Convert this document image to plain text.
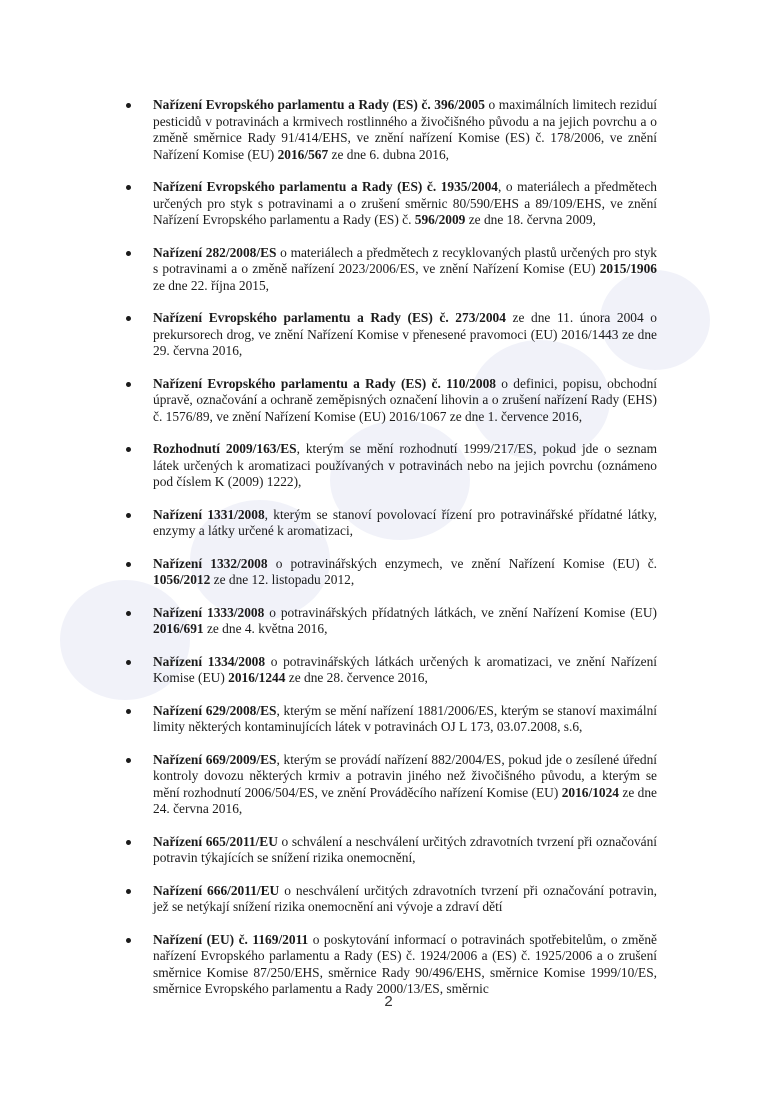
Nařízení Evropského parlamentu a Rady (ES) č. 396/2005 o maximálních limitech reziduí pesticidů v potravinách a krmivech rostlinného a živočišného původu a na jejich povrchu a o změně směrnice Rady 91/414/EHS, ve znění nařízení Komise (ES) č. 178/2006, ve znění Nařízení Komise (EU) 2016/567 ze dne 6. dubna 2016,
Nařízení Evropského parlamentu a Rady (ES) č. 1935/2004, o materiálech a předmětech určených pro styk s potravinami a o zrušení směrnic 80/590/EHS a 89/109/EHS, ve znění Nařízení Evropského parlamentu a Rady (ES) č. 596/2009 ze dne 18. června 2009,
Nařízení 282/2008/ES o materiálech a předmětech z recyklovaných plastů určených pro styk s potravinami a o změně nařízení 2023/2006/ES, ve znění Nařízení Komise (EU) 2015/1906 ze dne 22. října 2015,
Nařízení Evropského parlamentu a Rady (ES) č. 273/2004 ze dne 11. února 2004 o prekursorech drog, ve znění Nařízení Komise v přenesené pravomoci (EU) 2016/1443 ze dne 29. června 2016,
Nařízení Evropského parlamentu a Rady (ES) č. 110/2008 o definici, popisu, obchodní úpravě, označování a ochraně zeměpisných označení lihovin a o zrušení nařízení Rady (EHS) č. 1576/89, ve znění Nařízení Komise (EU) 2016/1067 ze dne 1. července 2016,
Rozhodnutí 2009/163/ES, kterým se mění rozhodnutí 1999/217/ES, pokud jde o seznam látek určených k aromatizaci používaných v potravinách nebo na jejich povrchu (oznámeno pod číslem K (2009) 1222),
Nařízení 1331/2008, kterým se stanoví povolovací řízení pro potravinářské přídatné látky, enzymy a látky určené k aromatizaci,
Nařízení 1332/2008 o potravinářských enzymech, ve znění Nařízení Komise (EU) č. 1056/2012 ze dne 12. listopadu 2012,
Nařízení 1333/2008 o potravinářských přídatných látkách, ve znění Nařízení Komise (EU) 2016/691 ze dne 4. května 2016,
Nařízení 1334/2008 o potravinářských látkách určených k aromatizaci, ve znění Nařízení Komise (EU) 2016/1244 ze dne 28. července 2016,
Nařízení 629/2008/ES, kterým se mění nařízení 1881/2006/ES, kterým se stanoví maximální limity některých kontaminujících látek v potravinách OJ L 173, 03.07.2008, s.6,
Nařízení 669/2009/ES, kterým se provádí nařízení 882/2004/ES, pokud jde o zesílené úřední kontroly dovozu některých krmiv a potravin jiného než živočišného původu, a kterým se mění rozhodnutí 2006/504/ES, ve znění Prováděcího nařízení Komise (EU) 2016/1024 ze dne 24. června 2016,
Nařízení 665/2011/EU o schválení a neschválení určitých zdravotních tvrzení při označování potravin týkajících se snížení rizika onemocnění,
Nařízení 666/2011/EU o neschválení určitých zdravotních tvrzení při označování potravin, jež se netýkají snížení rizika onemocnění ani vývoje a zdraví dětí
Nařízení (EU) č. 1169/2011 o poskytování informací o potravinách spotřebitelům, o změně nařízení Evropského parlamentu a Rady (ES) č. 1924/2006 a (ES) č. 1925/2006 a o zrušení směrnice Komise 87/250/EHS, směrnice Rady 90/496/EHS, směrnice Komise 1999/10/ES, směrnice Evropského parlamentu a Rady 2000/13/ES, směrnic
2
